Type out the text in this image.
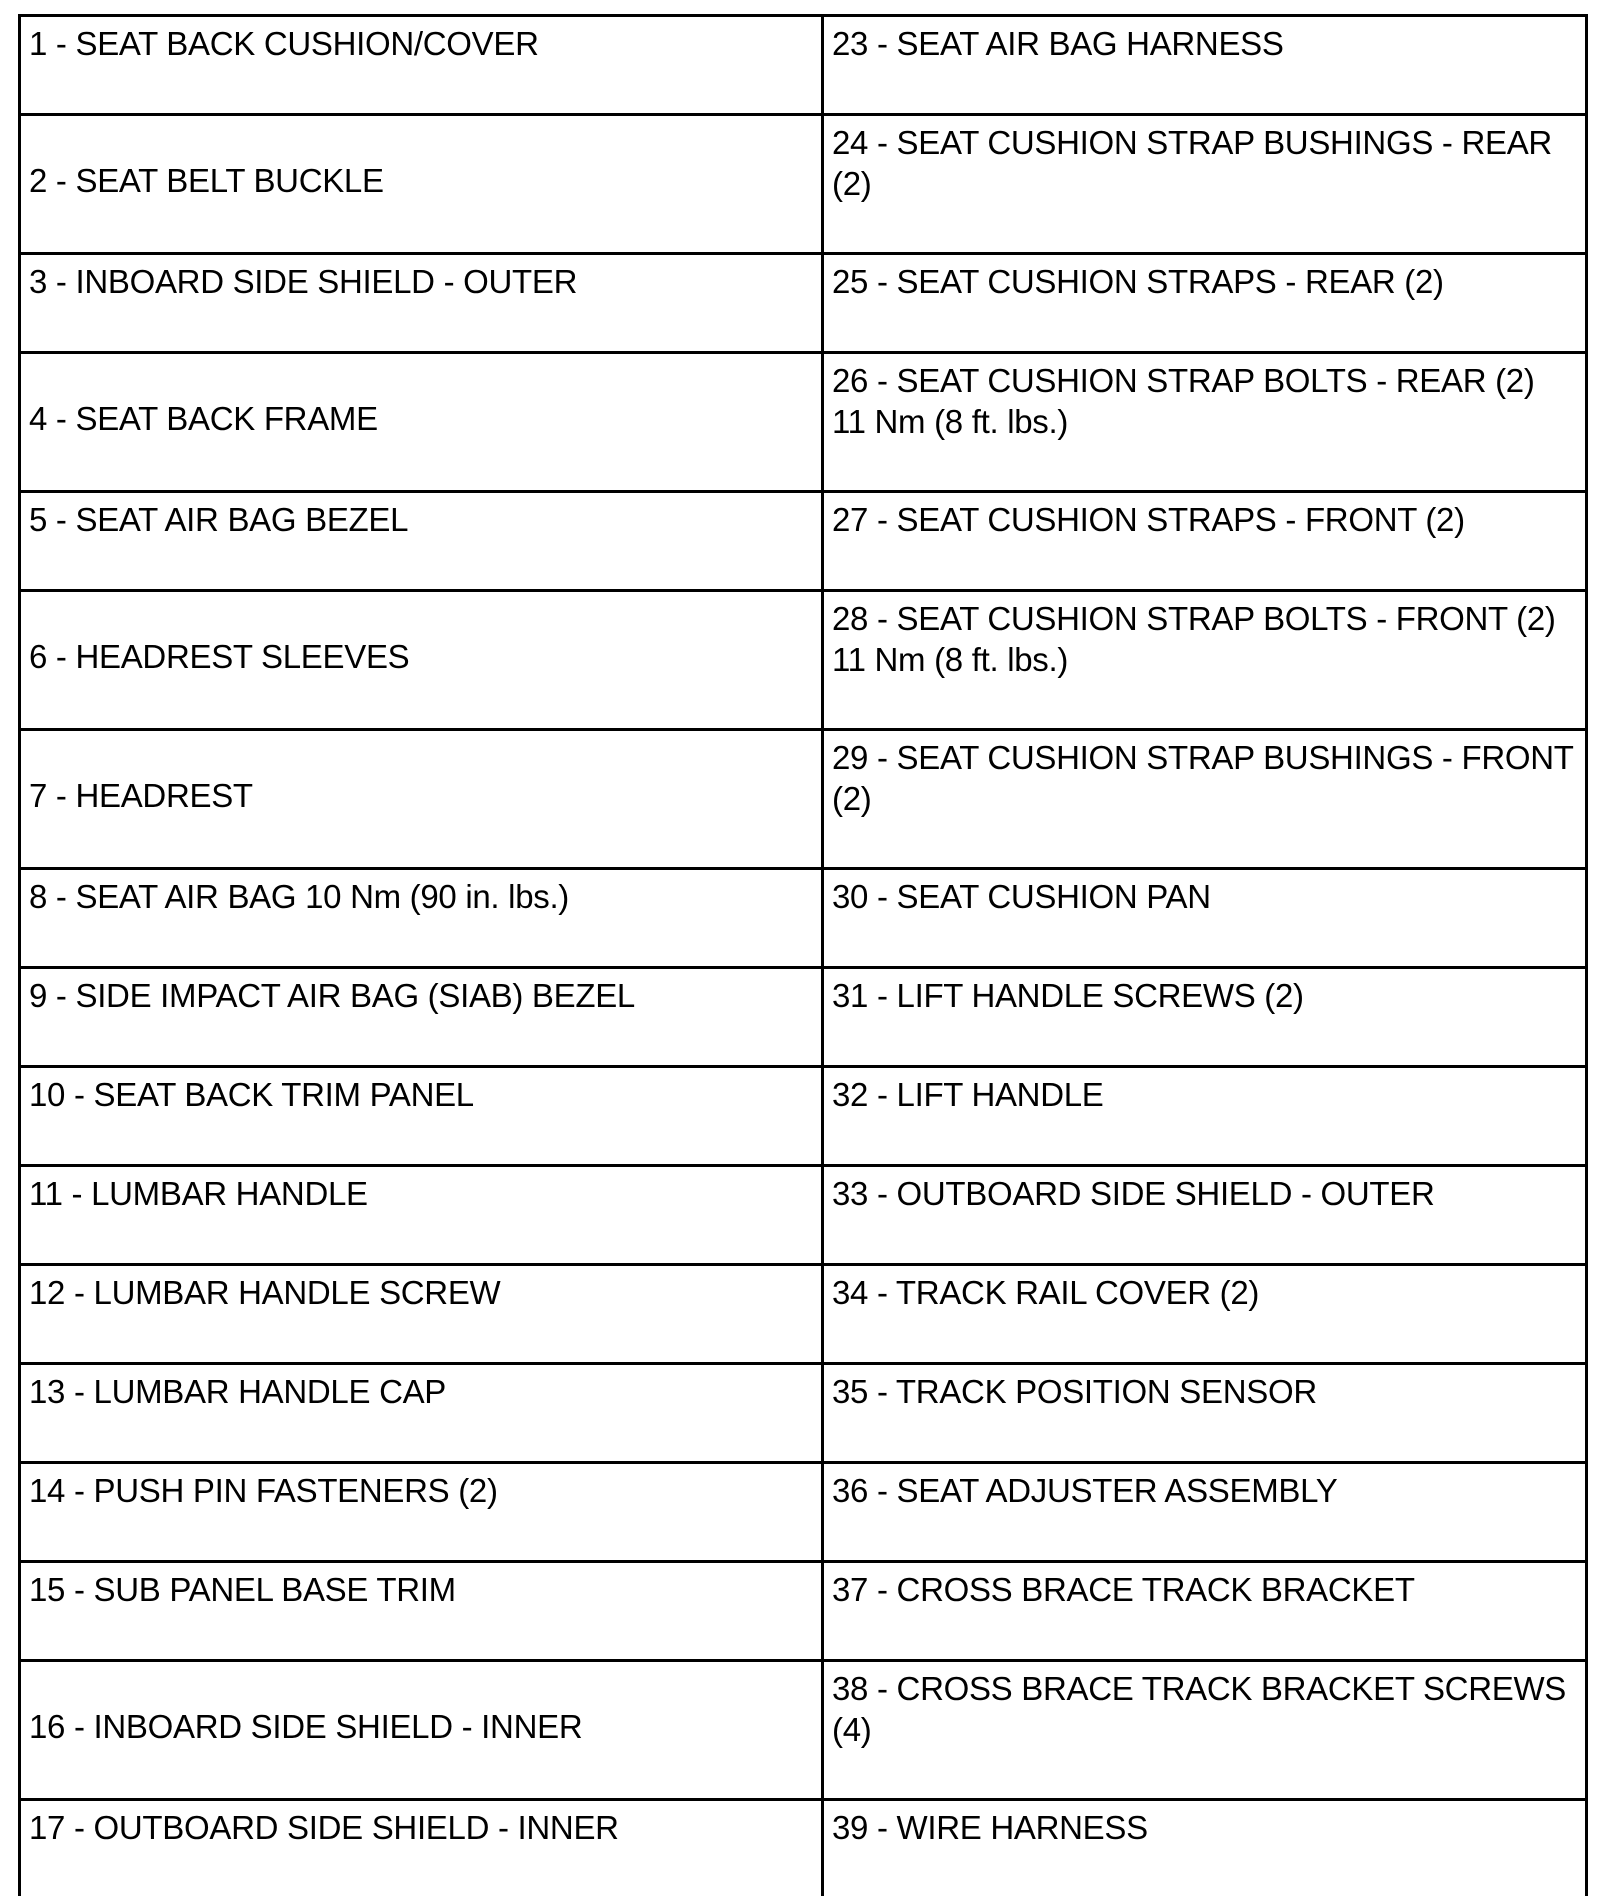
1 - SEAT BACK CUSHION/COVER	23 - SEAT AIR BAG HARNESS
2 - SEAT BELT BUCKLE	24 - SEAT CUSHION STRAP BUSHINGS - REAR (2)
3 - INBOARD SIDE SHIELD - OUTER	25 - SEAT CUSHION STRAPS - REAR (2)
4 - SEAT BACK FRAME	26 - SEAT CUSHION STRAP BOLTS - REAR (2) 11 Nm (8 ft. lbs.)
5 - SEAT AIR BAG BEZEL	27 - SEAT CUSHION STRAPS - FRONT (2)
6 - HEADREST SLEEVES	28 - SEAT CUSHION STRAP BOLTS - FRONT (2) 11 Nm (8 ft. lbs.)
7 - HEADREST	29 - SEAT CUSHION STRAP BUSHINGS - FRONT (2)
8 - SEAT AIR BAG 10 Nm (90 in. lbs.)	30 - SEAT CUSHION PAN
9 - SIDE IMPACT AIR BAG (SIAB) BEZEL	31 - LIFT HANDLE SCREWS (2)
10 - SEAT BACK TRIM PANEL	32 - LIFT HANDLE
11 - LUMBAR HANDLE	33 - OUTBOARD SIDE SHIELD - OUTER
12 - LUMBAR HANDLE SCREW	34 - TRACK RAIL COVER (2)
13 - LUMBAR HANDLE CAP	35 - TRACK POSITION SENSOR
14 - PUSH PIN FASTENERS (2)	36 - SEAT ADJUSTER ASSEMBLY
15 - SUB PANEL BASE TRIM	37 - CROSS BRACE TRACK BRACKET
16 - INBOARD SIDE SHIELD - INNER	38 - CROSS BRACE TRACK BRACKET SCREWS (4)
17 - OUTBOARD SIDE SHIELD - INNER	39 - WIRE HARNESS
